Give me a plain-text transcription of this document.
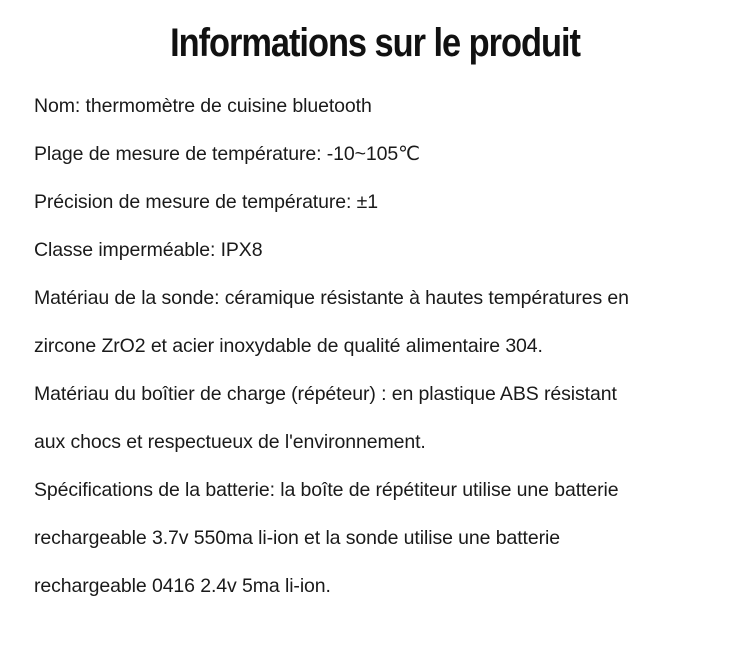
Informations sur le produit
Nom: thermomètre de cuisine bluetooth
Plage de mesure de température: -10~105℃
Précision de mesure de température: ±1
Classe imperméable: IPX8
Matériau de la sonde: céramique résistante à hautes températures en
zircone ZrO2 et acier inoxydable de qualité alimentaire 304.
Matériau du boîtier de charge (répéteur) : en plastique ABS résistant
aux chocs et respectueux de l'environnement.
Spécifications de la batterie: la boîte de répétiteur utilise une batterie
rechargeable 3.7v 550ma li-ion et la sonde utilise une batterie
rechargeable 0416 2.4v 5ma li-ion.
